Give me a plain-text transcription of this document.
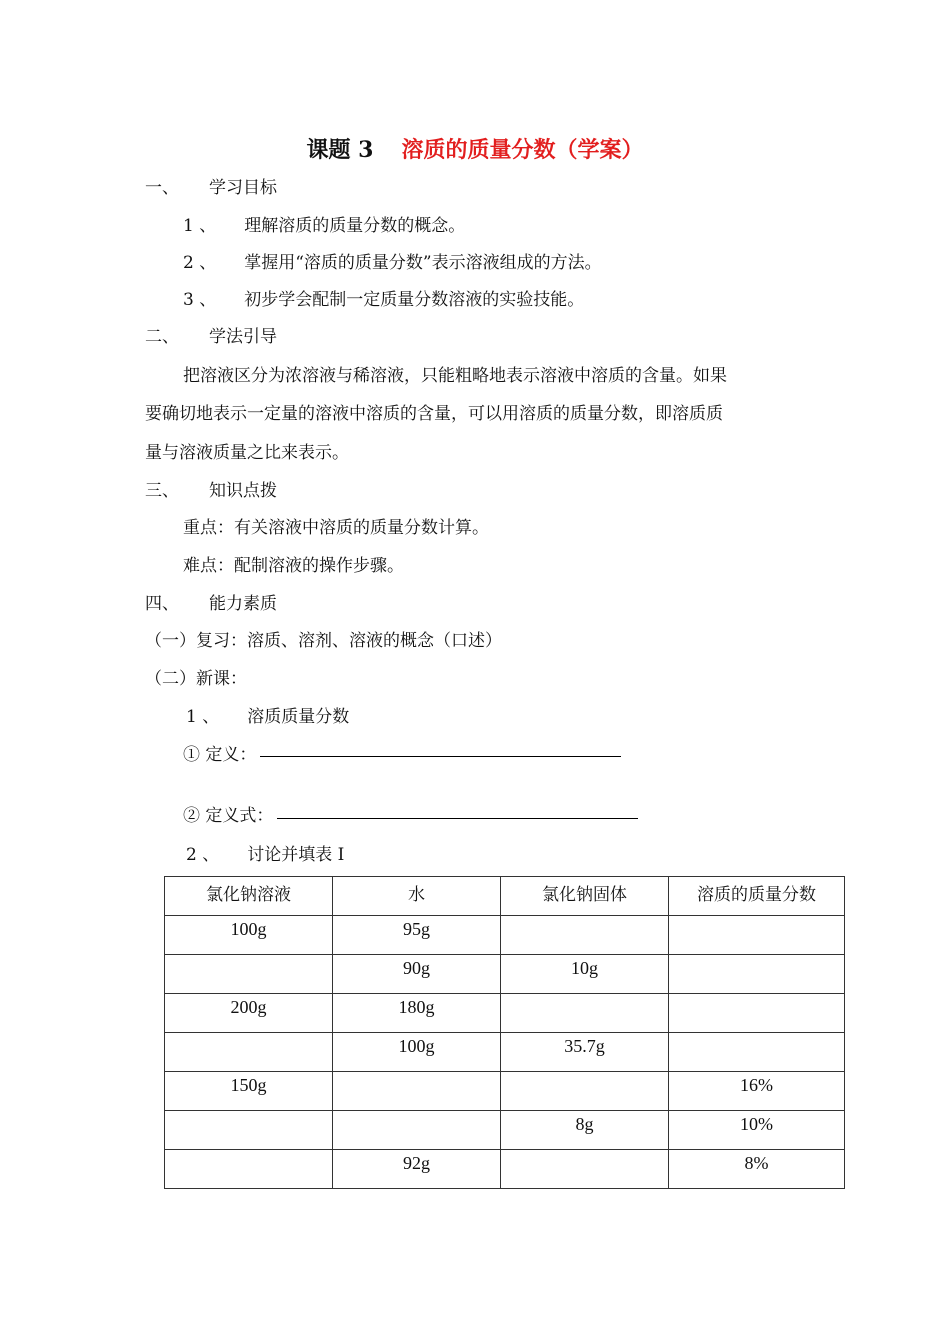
课题 3 溶质的质量分数（学案）
一、 学习目标
1 、 理解溶质的质量分数的概念。
2 、 掌握用“溶质的质量分数”表示溶液组成的方法。
3 、 初步学会配制一定质量分数溶液的实验技能。
二、 学法引导
把溶液区分为浓溶液与稀溶液，只能粗略地表示溶液中溶质的含量。如果
要确切地表示一定量的溶液中溶质的含量，可以用溶质的质量分数，即溶质质
量与溶液质量之比来表示。
三、 知识点拨
重点：有关溶液中溶质的质量分数计算。
难点：配制溶液的操作步骤。
四、 能力素质
（一）复习：溶质、溶剂、溶液的概念（口述）
（二）新课：
1 、 溶质质量分数
① 定义：
② 定义式：
2 、 讨论并填表 I
氯化钠溶液	水	氯化钠固体	溶质的质量分数
100g	95g		
	90g	10g	
200g	180g		
	100g	35.7g	
150g			16%
		8g	10%
	92g		8%
